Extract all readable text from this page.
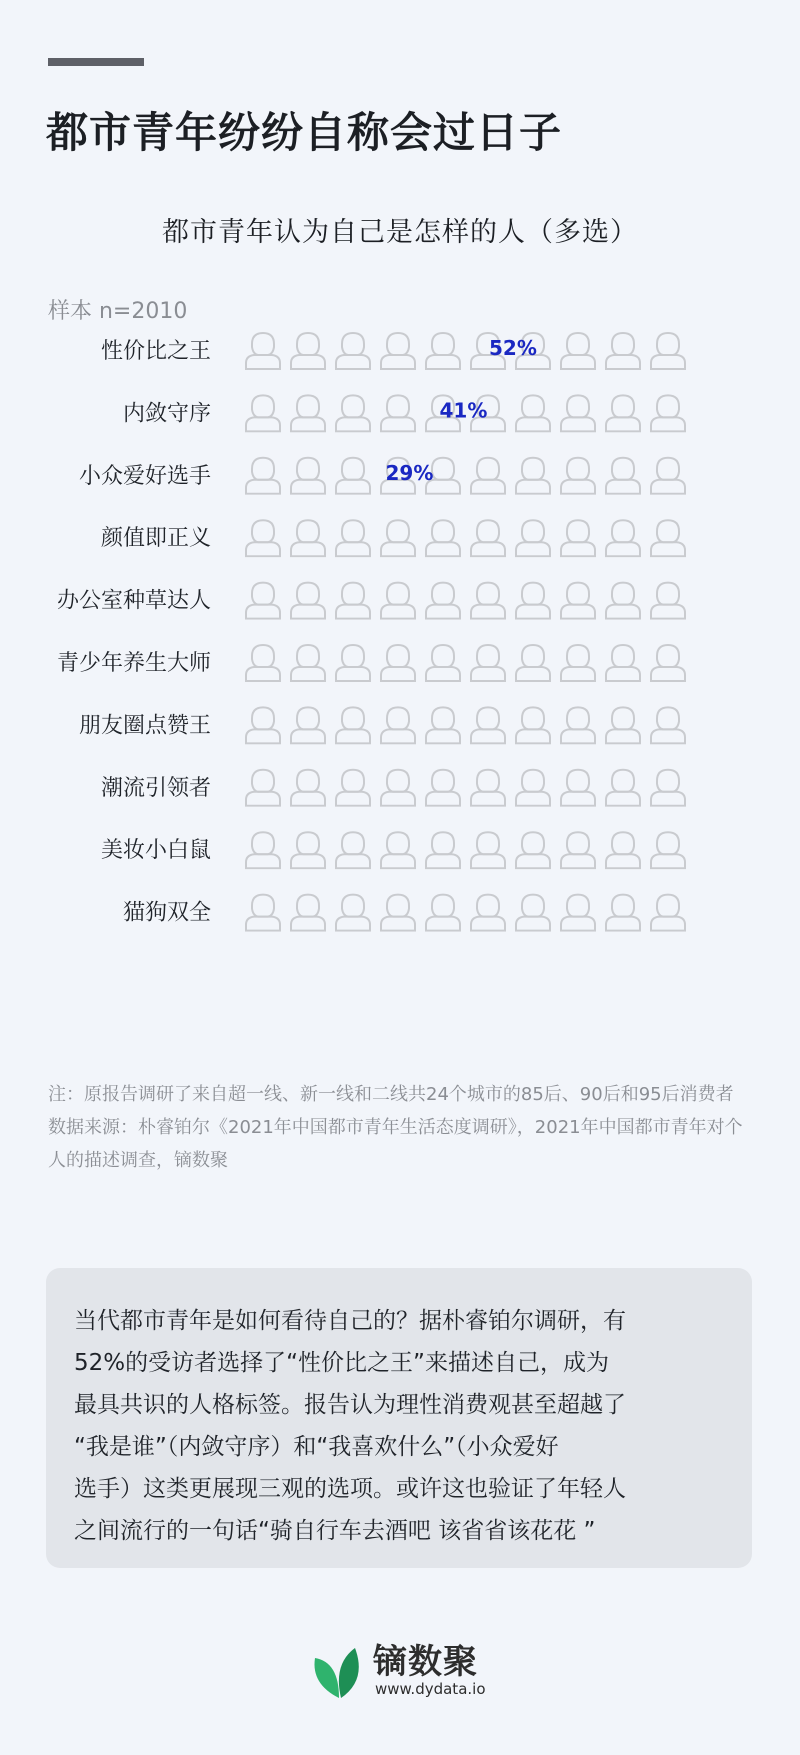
都市青年纷纷自称会过日子
都市青年认为自己是怎样的人（多选）
样本 n=2010
性价比之王	52%
内敛守序	41%
小众爱好选手	29%
颜值即正义
办公室种草达人
青少年养生大师
朋友圈点赞王
潮流引领者
美妆小白鼠
猫狗双全

注：原报告调研了来自超一线、新一线和二线共24个城市的85后、90后和95后消费者

数据来源：朴睿铂尔《2021年中国都市青年生活态度调研》，2021年中国都市青年对个人的描述调查，镝数聚

当代都市青年是如何看待自己的？据朴睿铂尔调研，有

52%的受访者选择了“性价比之王”来描述自己，成为

最具共识的人格标签。报告认为理性消费观甚至超越了

“我是谁”（内敛守序）和“我喜欢什么”（小众爱好

选手）这类更展现三观的选项。或许这也验证了年轻人

之间流行的一句话“骑自行车去酒吧 该省省该花花 ”

镝数聚
www.dydata.io
